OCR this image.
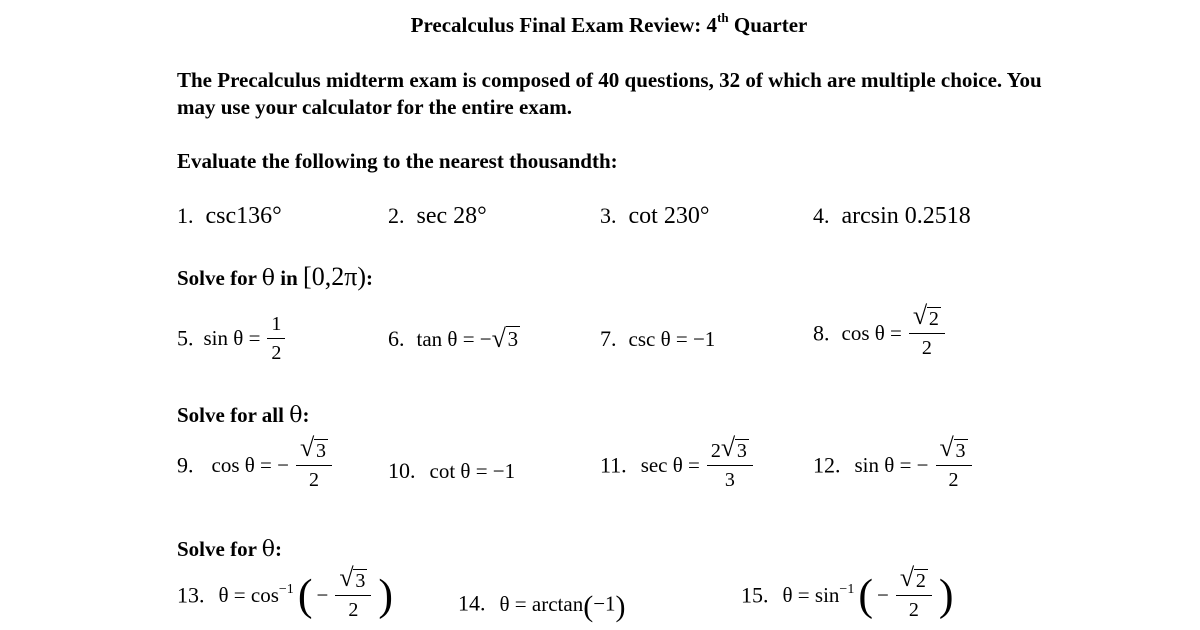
Precalculus Final Exam Review: 4th Quarter
The Precalculus midterm exam is composed of 40 questions, 32 of which are multiple choice. You may use your calculator for the entire exam.
Evaluate the following to the nearest thousandth:
1. csc136°	2. sec 28°	3. cot 230°	4. arcsin 0.2518
Solve for θ in [0,2π):
5. $\sin \theta = \frac{1}{2}$	6. tan θ = − √ 3	7. csc θ = −1	8. $\cos \theta = \frac{√ 2}{2}$
Solve for all θ:
9. cos θ = − $\frac{√ 3}{2}$	10. cot θ = −1	11. $\sec \theta = \frac{2 √ 3}{3}$	12. sin θ = − $\frac{√ 3}{2}$
Solve for θ:
13. $\theta = \cos^{-1}$ ( − $\frac{√ 3}{2}$ )	14. θ = arctan(−1)	15. $\theta = \sin^{-1}$ ( − $\frac{√ 2}{2}$ )
